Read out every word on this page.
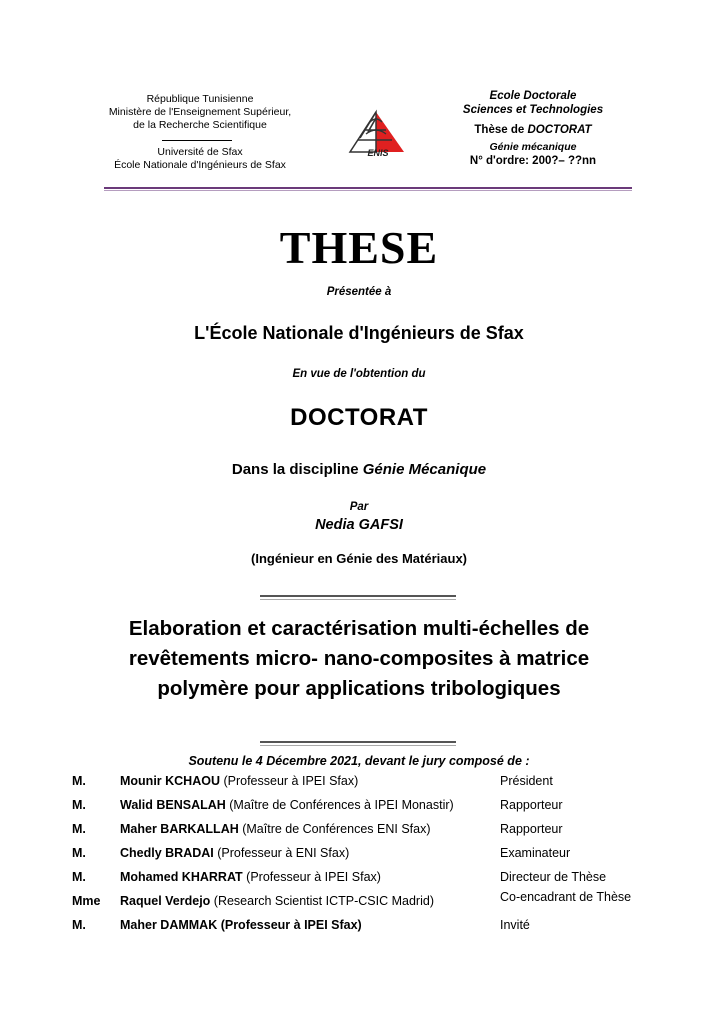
République Tunisienne
Ministère de l'Enseignement Supérieur,
de la Recherche Scientifique
Université de Sfax
École Nationale d'Ingénieurs de Sfax
ENIS
Ecole Doctorale
Sciences et Technologies
Thèse de DOCTORAT
Génie mécanique
N° d'ordre: 200?– ??nn
THESE
Présentée à
L'École Nationale d'Ingénieurs de Sfax
En vue de l'obtention du
DOCTORAT
Dans la discipline Génie Mécanique
Par
Nedia GAFSI
(Ingénieur en Génie des Matériaux)
Elaboration et caractérisation multi-échelles de revêtements micro- nano-composites à matrice polymère pour applications tribologiques
Soutenu le 4 Décembre 2021, devant le jury composé de :
M.	Mounir KCHAOU (Professeur à IPEI Sfax)	Président
M.	Walid BENSALAH (Maître de Conférences à IPEI Monastir)	Rapporteur
M.	Maher BARKALLAH (Maître de Conférences ENI Sfax)	Rapporteur
M.	Chedly BRADAI (Professeur à ENI Sfax)	Examinateur
M.	Mohamed KHARRAT (Professeur à IPEI Sfax)	Directeur de Thèse
Mme Raquel Verdejo (Research Scientist ICTP-CSIC Madrid)	Co-encadrant de Thèse
M.	Maher DAMMAK (Professeur à IPEI Sfax)	Invité
